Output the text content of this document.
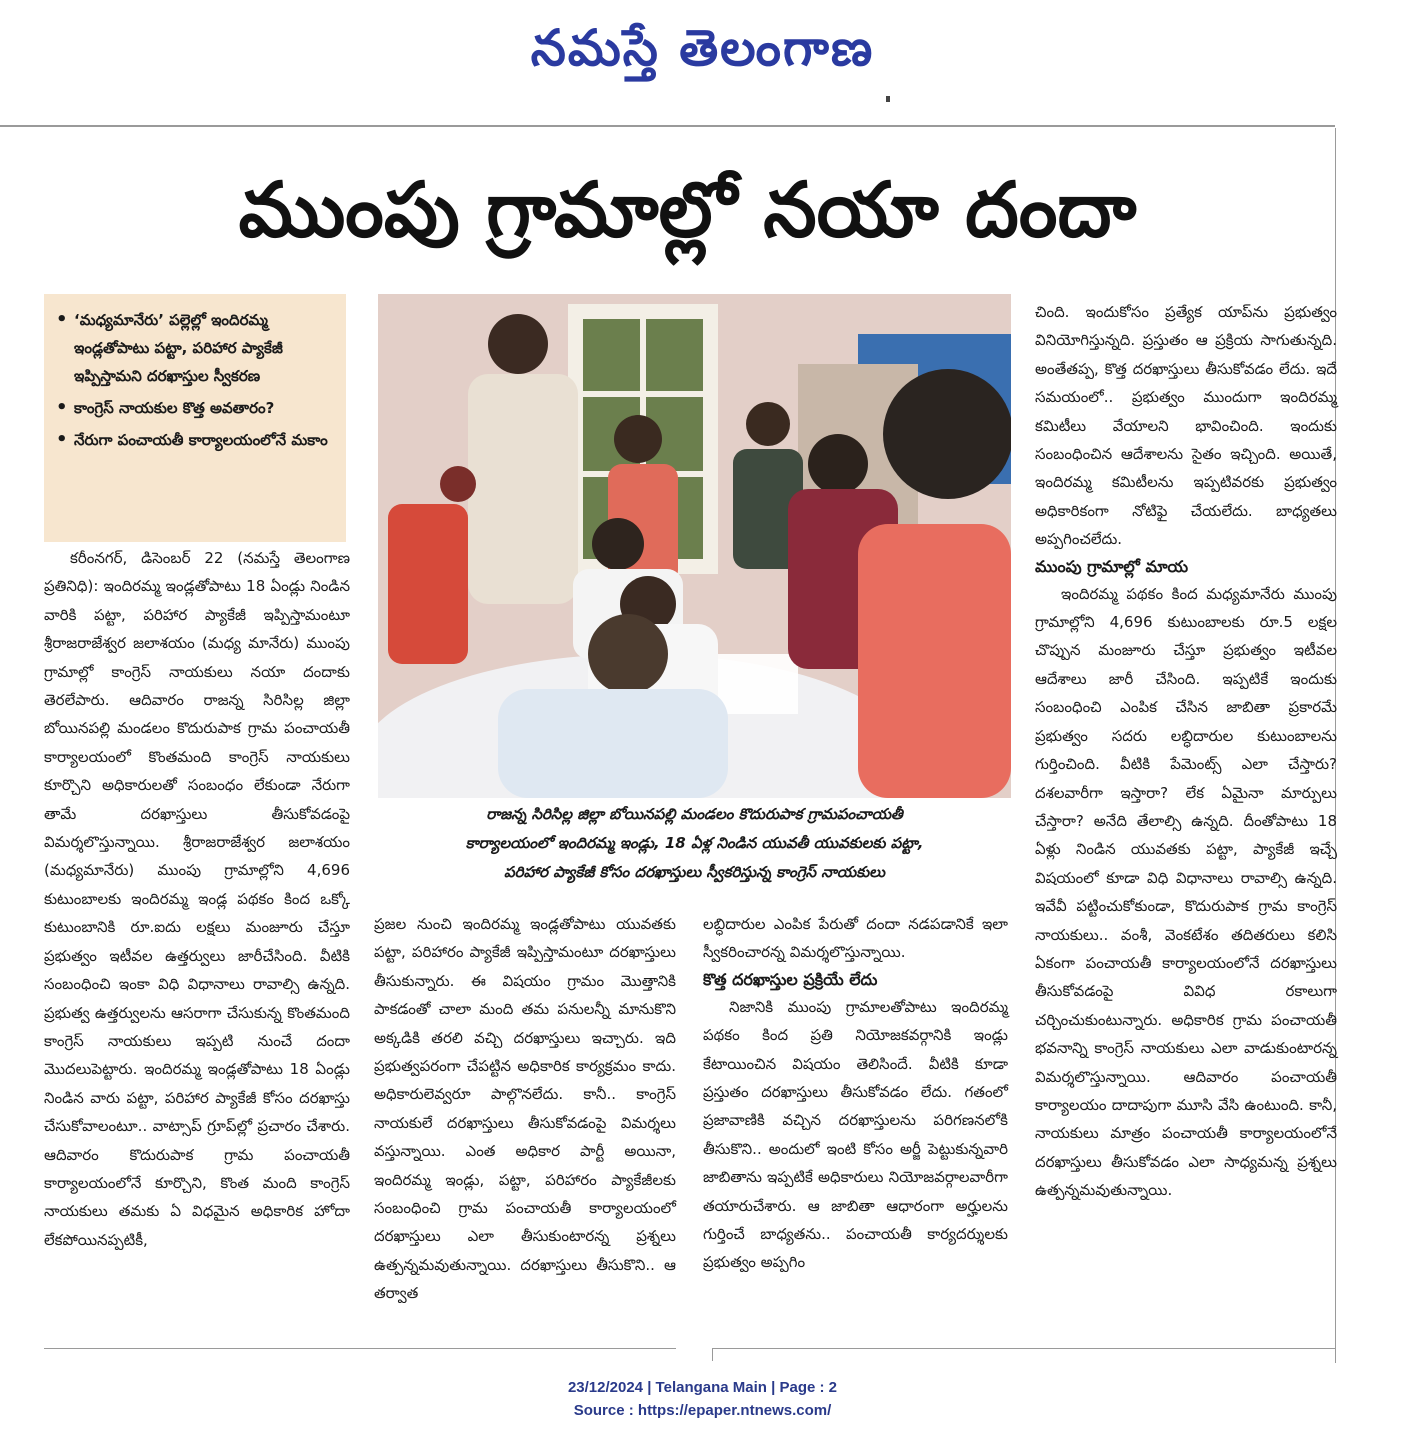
నమస్తే తెలంగాణ
ముంపు గ్రామాల్లో నయా దందా
• ‘మధ్యమానేరు’ పల్లెల్లో ఇందిరమ్మ ఇండ్లతోపాటు పట్టా, పరిహార ప్యాకేజీ ఇప్పిస్తామని దరఖాస్తుల స్వీకరణ
• కాంగ్రెస్ నాయకుల కొత్త అవతారం?
• నేరుగా పంచాయతీ కార్యాలయంలోనే మకాం
రాజన్న సిరిసిల్ల జిల్లా బోయినపల్లి మండలం కొదురుపాక గ్రామపంచాయతీ
కార్యాలయంలో ఇందిరమ్మ ఇండ్లు, 18 ఏళ్ల నిండిన యువతీ యువకులకు పట్టా,
పరిహార ప్యాకేజీ కోసం దరఖాస్తులు స్వీకరిస్తున్న కాంగ్రెస్ నాయకులు

కరీంనగర్, డిసెంబర్ 22 (నమస్తే తెలంగాణ ప్రతినిధి): ఇందిరమ్మ ఇండ్లతోపాటు 18 ఏండ్లు నిండిన వారికి పట్టా, పరిహార ప్యాకేజీ ఇప్పిస్తామంటూ శ్రీరాజరాజేశ్వర జలాశయం (మధ్య మానేరు) ముంపు గ్రామాల్లో కాంగ్రెస్ నాయకులు నయా దందాకు తెరలేపారు. ఆదివారం రాజన్న సిరిసిల్ల జిల్లా బోయినపల్లి మండలం కొదురుపాక గ్రామ పంచాయతీ కార్యాలయంలో కొంతమంది కాంగ్రెస్ నాయకులు కూర్చొని అధికారులతో సంబంధం లేకుండా నేరుగా తామే దరఖాస్తులు తీసుకోవడంపై విమర్శలొస్తున్నాయి. శ్రీరాజరాజేశ్వర జలాశయం (మధ్యమానేరు) ముంపు గ్రామాల్లోని 4,696 కుటుంబాలకు ఇందిరమ్మ ఇండ్ల పథకం కింద ఒక్కో కుటుంబానికి రూ.ఐదు లక్షలు మంజూరు చేస్తూ ప్రభుత్వం ఇటీవల ఉత్తర్వులు జారీచేసింది. వీటికి సంబంధించి ఇంకా విధి విధానాలు రావాల్సి ఉన్నది. ప్రభుత్వ ఉత్తర్వులను ఆసరాగా చేసుకున్న కొంతమంది కాంగ్రెస్ నాయకులు ఇప్పటి నుంచే దందా మొదలుపెట్టారు. ఇందిరమ్మ ఇండ్లతోపాటు 18 ఏండ్లు నిండిన వారు పట్టా, పరిహార ప్యాకేజీ కోసం దరఖాస్తు చేసుకోవాలంటూ.. వాట్సాప్ గ్రూప్‌ల్లో ప్రచారం చేశారు. ఆదివారం కొదురుపాక గ్రామ పంచాయతీ కార్యాలయంలోనే కూర్చొని, కొంత మంది కాంగ్రెస్ నాయకులు తమకు ఏ విధమైన అధికారిక హోదా లేకపోయినప్పటికీ,

ప్రజల నుంచి ఇందిరమ్మ ఇండ్లతోపాటు యువతకు పట్టా, పరిహారం ప్యాకేజీ ఇప్పిస్తామంటూ దరఖాస్తులు తీసుకున్నారు. ఈ విషయం గ్రామం మొత్తానికి పాకడంతో చాలా మంది తమ పనులన్నీ మానుకొని అక్కడికి తరలి వచ్చి దరఖాస్తులు ఇచ్చారు. ఇది ప్రభుత్వపరంగా చేపట్టిన అధికారిక కార్యక్రమం కాదు. అధికారులెవ్వరూ పాల్గొనలేదు. కానీ.. కాంగ్రెస్ నాయకులే దరఖాస్తులు తీసుకోవడంపై విమర్శలు వస్తున్నాయి. ఎంత అధికార పార్టీ అయినా, ఇందిరమ్మ ఇండ్లు, పట్టా, పరిహారం ప్యాకేజీలకు సంబంధించి గ్రామ పంచాయతీ కార్యాలయంలో దరఖాస్తులు ఎలా తీసుకుంటారన్న ప్రశ్నలు ఉత్పన్నమవుతున్నాయి. దరఖాస్తులు తీసుకొని.. ఆ తర్వాత

లబ్ధిదారుల ఎంపిక పేరుతో దందా నడపడానికే ఇలా స్వీకరించారన్న విమర్శలొస్తున్నాయి.

కొత్త దరఖాస్తుల ప్రక్రియే లేదు

నిజానికి ముంపు గ్రామాలతోపాటు ఇందిరమ్మ పథకం కింద ప్రతి నియోజకవర్గానికి ఇండ్లు కేటాయించిన విషయం తెలిసిందే. వీటికి కూడా ప్రస్తుతం దరఖాస్తులు తీసుకోవడం లేదు. గతంలో ప్రజావాణికి వచ్చిన దరఖాస్తులను పరిగణనలోకి తీసుకొని.. అందులో ఇంటి కోసం అర్జీ పెట్టుకున్నవారి జాబితాను ఇప్పటికే అధికారులు నియోజవర్గాలవారీగా తయారుచేశారు. ఆ జాబితా ఆధారంగా అర్హులను గుర్తించే బాధ్యతను.. పంచాయతీ కార్యదర్శులకు ప్రభుత్వం అప్పగిం

చింది. ఇందుకోసం ప్రత్యేక యాప్‌ను ప్రభుత్వం వినియోగిస్తున్నది. ప్రస్తుతం ఆ ప్రక్రియ సాగుతున్నది. అంతేతప్ప, కొత్త దరఖాస్తులు తీసుకోవడం లేదు. ఇదే సమయంలో.. ప్రభుత్వం ముందుగా ఇందిరమ్మ కమిటీలు వేయాలని భావించింది. ఇందుకు సంబంధించిన ఆదేశాలను సైతం ఇచ్చింది. అయితే, ఇందిరమ్మ కమిటీలను ఇప్పటివరకు ప్రభుత్వం అధికారికంగా నోటిఫై చేయలేదు. బాధ్యతలు అప్పగించలేదు.

ముంపు గ్రామాల్లో మాయ

ఇందిరమ్మ పథకం కింద మధ్యమానేరు ముంపు గ్రామాల్లోని 4,696 కుటుంబాలకు రూ.5 లక్షల చొప్పున మంజూరు చేస్తూ ప్రభుత్వం ఇటీవల ఆదేశాలు జారీ చేసింది. ఇప్పటికే ఇందుకు సంబంధించి ఎంపిక చేసిన జాబితా ప్రకారమే ప్రభుత్వం సదరు లబ్ధిదారుల కుటుంబాలను గుర్తించింది. వీటికి పేమెంట్స్ ఎలా చేస్తారు? దశలవారీగా ఇస్తారా? లేక ఏమైనా మార్పులు చేస్తారా? అనేది తేలాల్సి ఉన్నది. దీంతోపాటు 18 ఏళ్లు నిండిన యువతకు పట్టా, ప్యాకేజీ ఇచ్చే విషయంలో కూడా విధి విధానాలు రావాల్సి ఉన్నది. ఇవేవీ పట్టించుకోకుండా, కొదురుపాక గ్రామ కాంగ్రెస్ నాయకులు.. వంశీ, వెంకటేశం తదితరులు కలిసి ఏకంగా పంచాయతీ కార్యాలయంలోనే దరఖాస్తులు తీసుకోవడంపై వివిధ రకాలుగా చర్చించుకుంటున్నారు. అధికారిక గ్రామ పంచాయతీ భవనాన్ని కాంగ్రెస్ నాయకులు ఎలా వాడుకుంటారన్న విమర్శలొస్తున్నాయి. ఆదివారం పంచాయతీ కార్యాలయం దాదాపుగా మూసి వేసి ఉంటుంది. కానీ, నాయకులు మాత్రం పంచాయతీ కార్యాలయంలోనే దరఖాస్తులు తీసుకోవడం ఎలా సాధ్యమన్న ప్రశ్నలు ఉత్పన్నమవుతున్నాయి.

23/12/2024 | Telangana Main | Page : 2
Source : https://epaper.ntnews.com/
